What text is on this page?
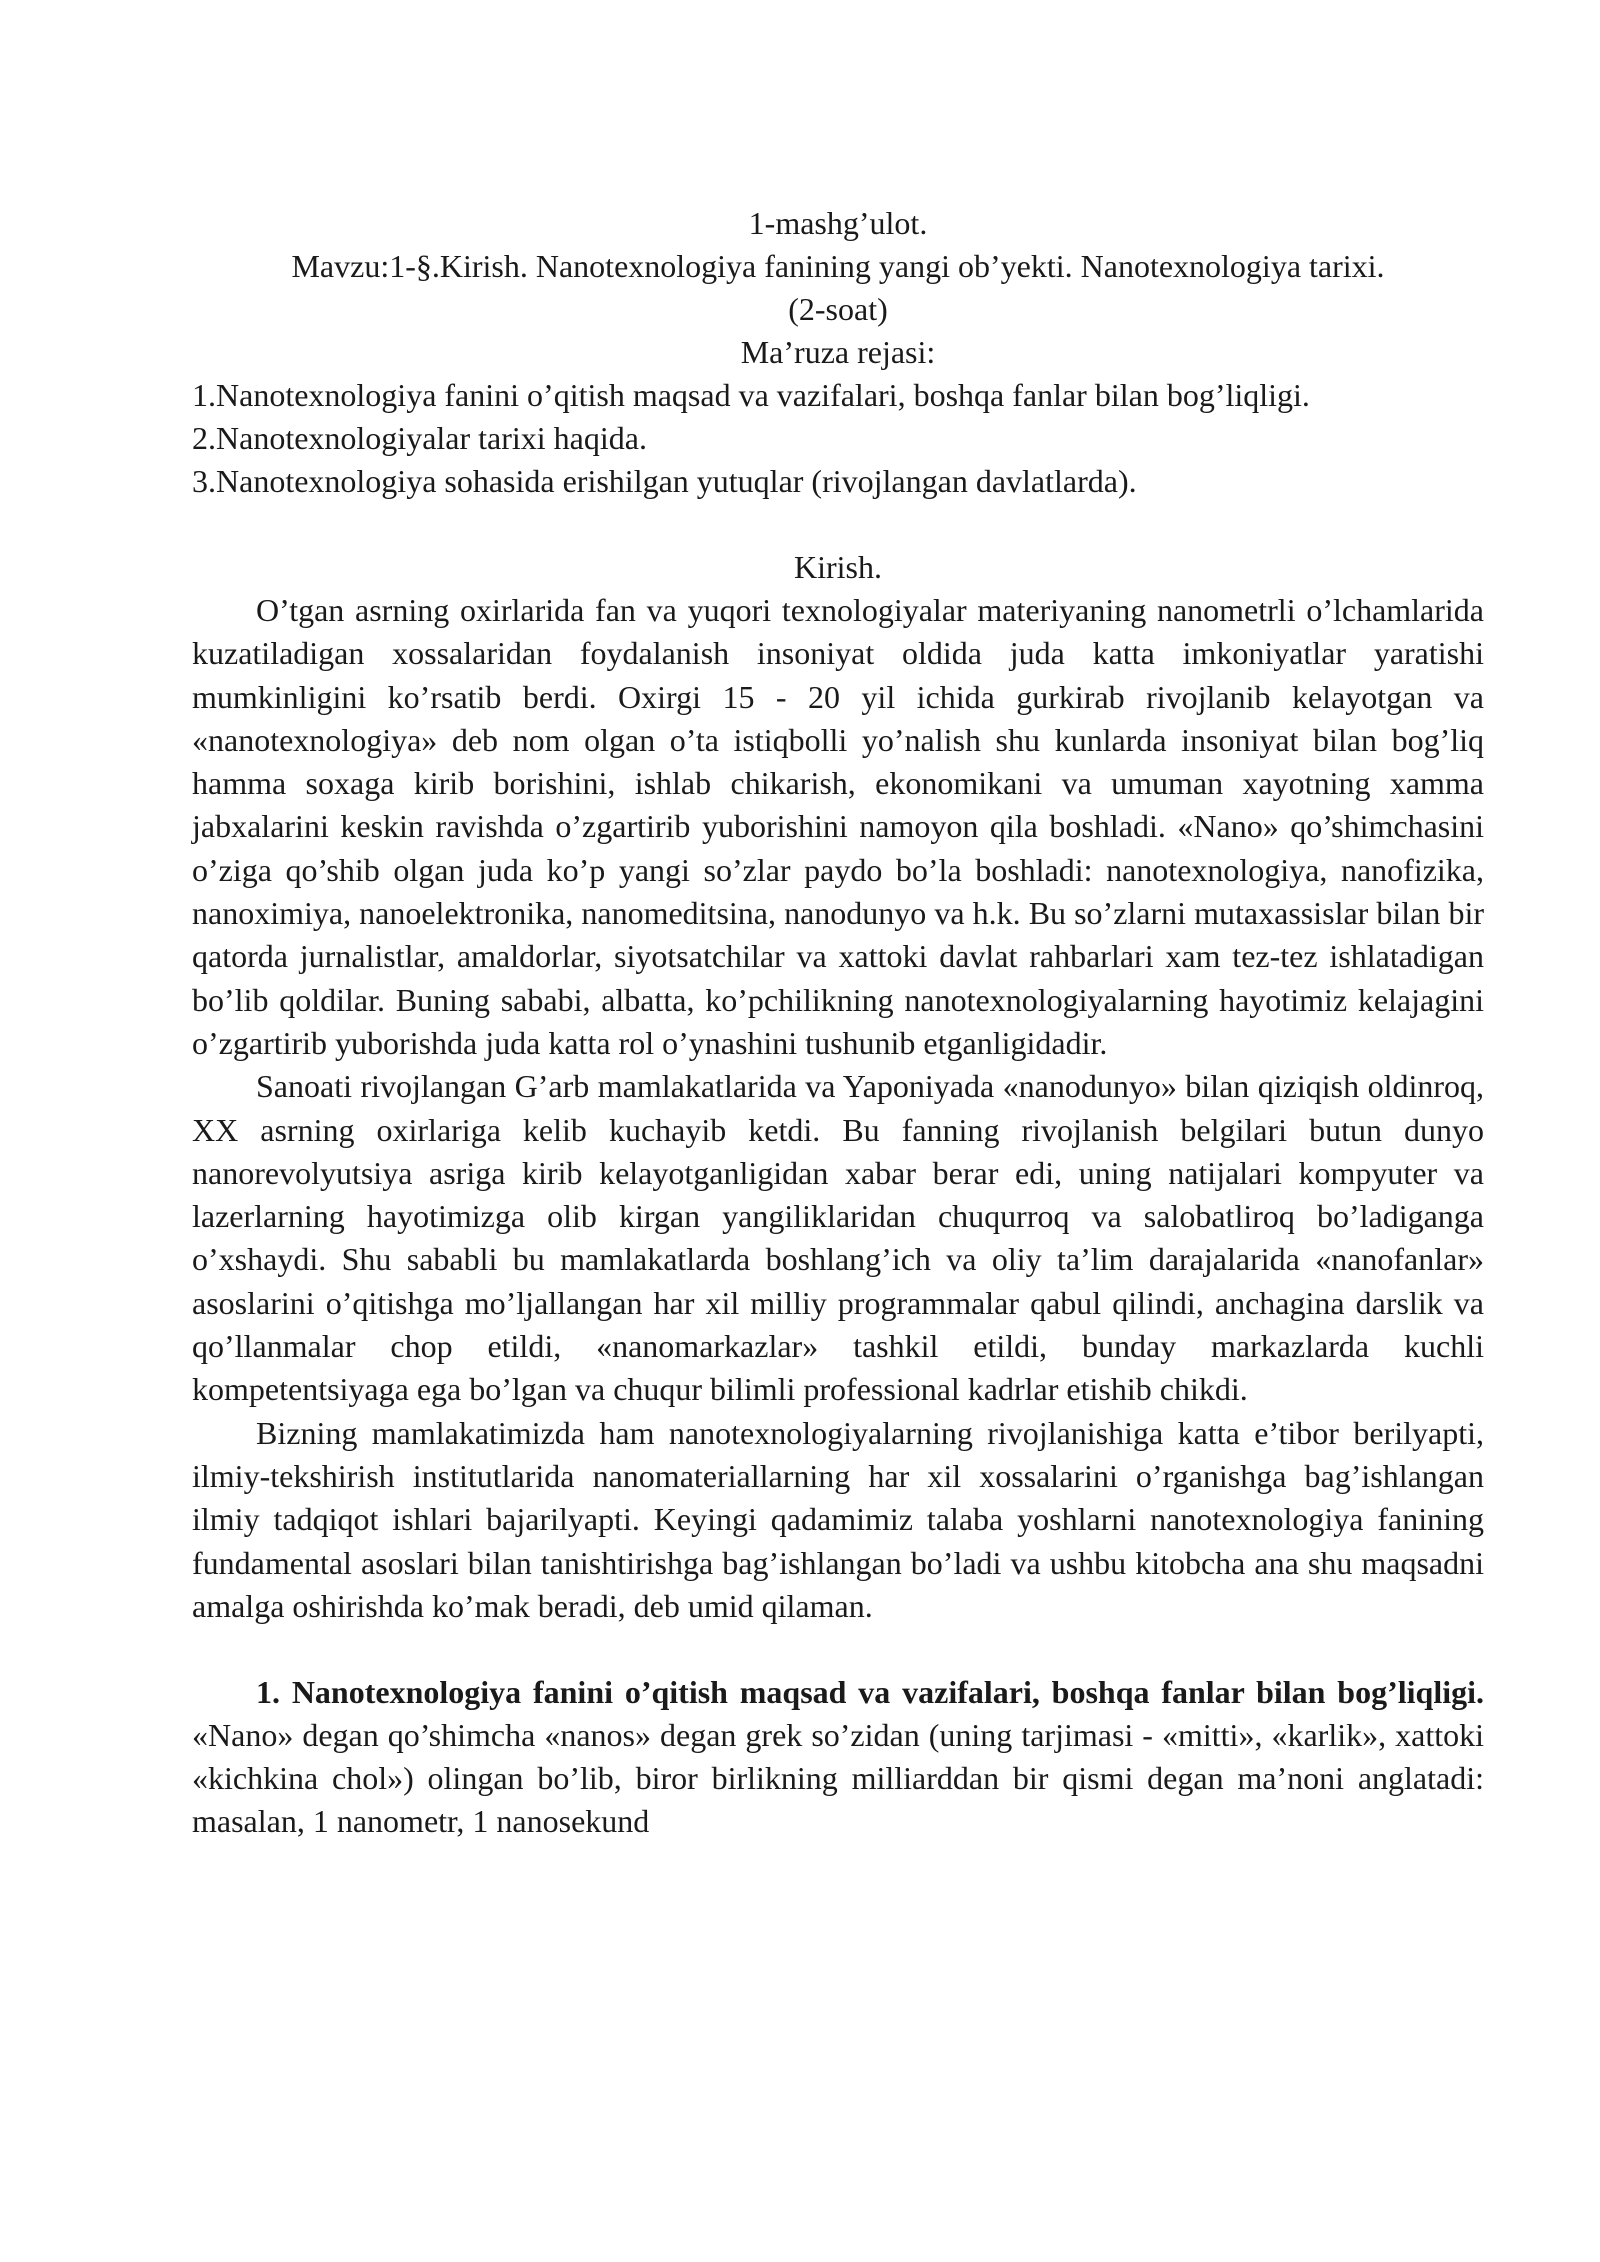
1-mashg’ulot.
Mavzu:1-§.Kirish. Nanotexnologiya fanining yangi ob’yekti. Nanotexnologiya tarixi.
(2-soat)
Ma’ruza rejasi:
1.Nanotexnologiya fanini o’qitish maqsad va vazifalari, boshqa fanlar bilan bog’liqligi.
2.Nanotexnologiyalar tarixi haqida.
3.Nanotexnologiya sohasida erishilgan yutuqlar (rivojlangan davlatlarda).
Kirish.

O’tgan asrning oxirlarida fan va yuqori texnologiyalar materiyaning nanometrli o’lchamlarida kuzatiladigan xossalaridan foydalanish insoniyat oldida juda katta imkoniyatlar yaratishi mumkinligini ko’rsatib berdi. Oxirgi 15 - 20 yil ichida gurkirab rivojlanib kelayotgan va «nanotexnologiya» deb nom olgan o’ta istiqbolli yo’nalish shu kunlarda insoniyat bilan bog’liq hamma soxaga kirib borishini, ishlab chikarish, ekonomikani va umuman xayotning xamma jabxalarini keskin ravishda o’zgartirib yuborishini namoyon qila boshladi. «Nano» qo’shimchasini o’ziga qo’shib olgan juda ko’p yangi so’zlar paydo bo’la boshladi: nanotexnologiya, nanofizika, nanoximiya, nanoelektronika, nanomeditsina, nanodunyo va h.k. Bu so’zlarni mutaxassislar bilan bir qatorda jurnalistlar, amaldorlar, siyotsatchilar va xattoki davlat rahbarlari xam tez-tez ishlatadigan bo’lib qoldilar. Buning sababi, albatta, ko’pchilikning nanotexnologiyalarning hayotimiz kelajagini o’zgartirib yuborishda juda katta rol o’ynashini tushunib etganligidadir.

Sanoati rivojlangan G’arb mamlakatlarida va Yaponiyada «nanodunyo» bilan qiziqish oldinroq, XX asrning oxirlariga kelib kuchayib ketdi. Bu fanning rivojlanish belgilari butun dunyo nanorevolyutsiya asriga kirib kelayotganligidan xabar berar edi, uning natijalari kompyuter va lazerlarning hayotimizga olib kirgan yangiliklaridan chuqurroq va salobatliroq bo’ladiganga o’xshaydi. Shu sababli bu mamlakatlarda boshlang’ich va oliy ta’lim darajalarida «nanofanlar» asoslarini o’qitishga mo’ljallangan har xil milliy programmalar qabul qilindi, anchagina darslik va qo’llanmalar chop etildi, «nanomarkazlar» tashkil etildi, bunday markazlarda kuchli kompetentsiyaga ega bo’lgan va chuqur bilimli professional kadrlar etishib chikdi.

Bizning mamlakatimizda ham nanotexnologiyalarning rivojlanishiga katta e’tibor berilyapti, ilmiy-tekshirish institutlarida nanomateriallarning har xil xossalarini o’rganishga bag’ishlangan ilmiy tadqiqot ishlari bajarilyapti. Keyingi qadamimiz talaba yoshlarni nanotexnologiya fanining fundamental asoslari bilan tanishtirishga bag’ishlangan bo’ladi va ushbu kitobcha ana shu maqsadni amalga oshirishda ko’mak beradi, deb umid qilaman.

1. Nanotexnologiya fanini o’qitish maqsad va vazifalari, boshqa fanlar bilan bog’liqligi. «Nano» degan qo’shimcha «nanos» degan grek so’zidan (uning tarjimasi - «mitti», «karlik», xattoki «kichkina chol») olingan bo’lib, biror birlikning milliarddan bir qismi degan ma’noni anglatadi: masalan, 1 nanometr, 1 nanosekund
